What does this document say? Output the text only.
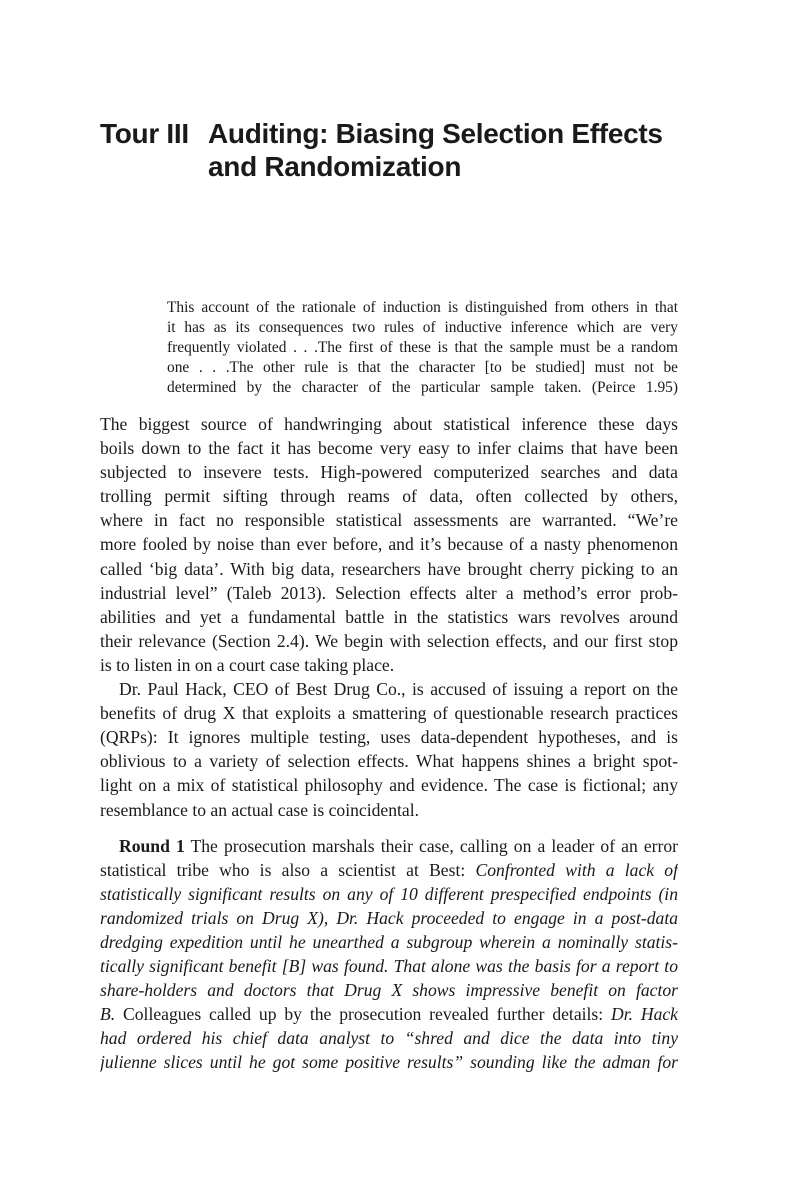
Tour III Auditing: Biasing Selection Effects
and Randomization
This account of the rationale of induction is distinguished from others in that
it has as its consequences two rules of inductive inference which are very
frequently violated . . .The first of these is that the sample must be a random
one . . .The other rule is that the character [to be studied] must not be
determined by the character of the particular sample taken. (Peirce 1.95)
The biggest source of handwringing about statistical inference these days
boils down to the fact it has become very easy to infer claims that have been
subjected to insevere tests. High-powered computerized searches and data
trolling permit sifting through reams of data, often collected by others,
where in fact no responsible statistical assessments are warranted. “We’re
more fooled by noise than ever before, and it’s because of a nasty phenomenon
called ‘big data’. With big data, researchers have brought cherry picking to an
industrial level” (Taleb 2013). Selection effects alter a method’s error prob-
abilities and yet a fundamental battle in the statistics wars revolves around
their relevance (Section 2.4). We begin with selection effects, and our first stop
is to listen in on a court case taking place.
Dr. Paul Hack, CEO of Best Drug Co., is accused of issuing a report on the
benefits of drug X that exploits a smattering of questionable research practices
(QRPs): It ignores multiple testing, uses data-dependent hypotheses, and is
oblivious to a variety of selection effects. What happens shines a bright spot-
light on a mix of statistical philosophy and evidence. The case is fictional; any
resemblance to an actual case is coincidental.
Round 1 The prosecution marshals their case, calling on a leader of an error
statistical tribe who is also a scientist at Best: Confronted with a lack of
statistically significant results on any of 10 different prespecified endpoints (in
randomized trials on Drug X), Dr. Hack proceeded to engage in a post-data
dredging expedition until he unearthed a subgroup wherein a nominally statis-
tically significant benefit [B] was found. That alone was the basis for a report to
share-holders and doctors that Drug X shows impressive benefit on factor
B. Colleagues called up by the prosecution revealed further details: Dr. Hack
had ordered his chief data analyst to “shred and dice the data into tiny
julienne slices until he got some positive results” sounding like the adman for
